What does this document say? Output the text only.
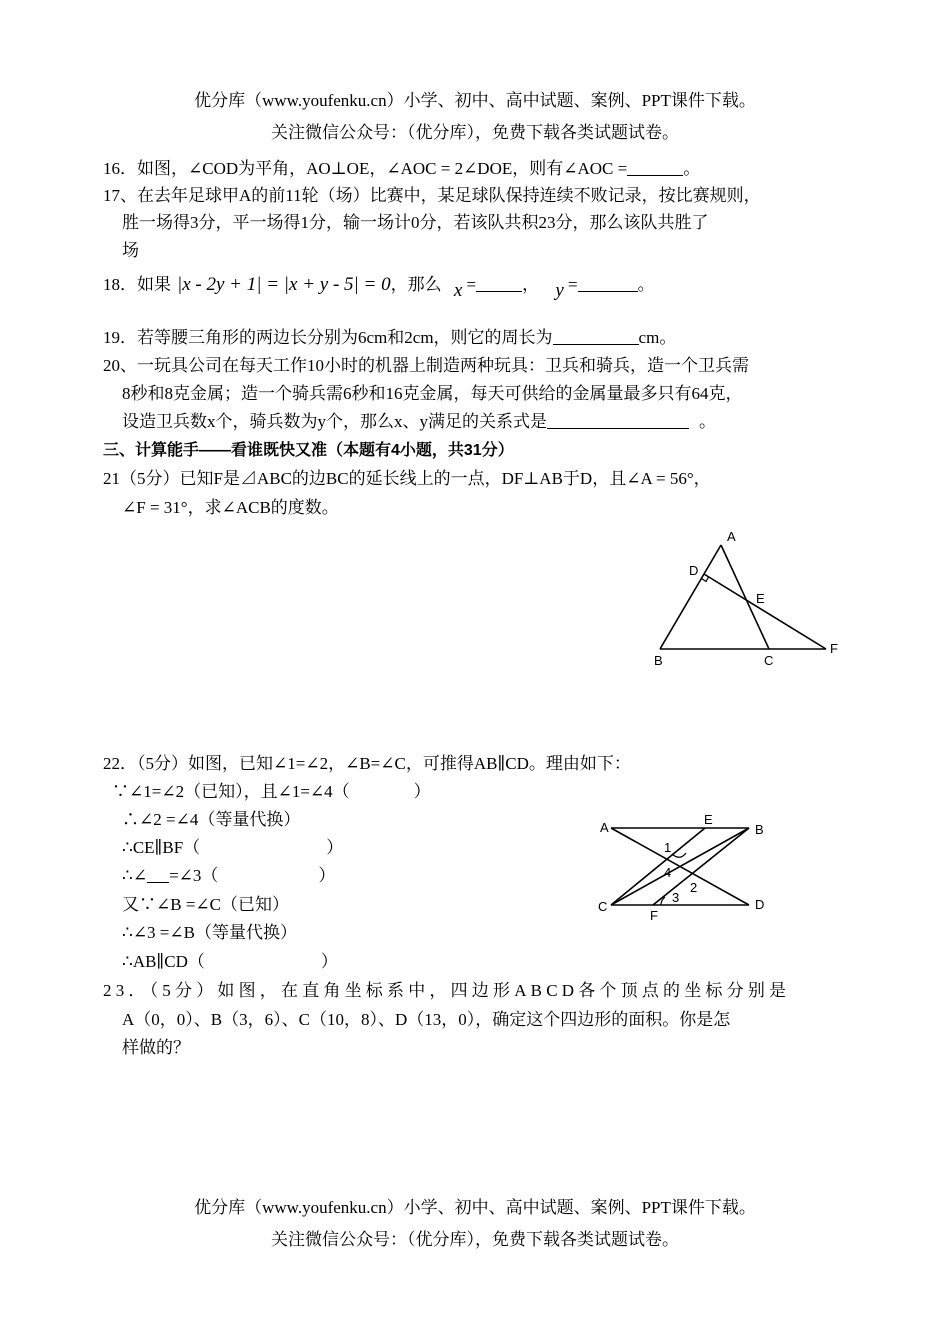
优分库（www.youfenku.cn）小学、初中、高中试题、案例、PPT课件下载。
关注微信公众号：（优分库），免费下载各类试题试卷。
16．如图，∠COD为平角，AO⊥OE，∠AOC = 2∠DOE，则有∠AOC =	。
17、在去年足球甲A的前11轮（场）比赛中，某足球队保持连续不败记录，按比赛规则，
胜一场得3分，平一场得1分，输一场计0分，若该队共积23分，那么该队共胜了
场
18．如果 |x - 2y + 1| = |x + y - 5| = 0，那么 x =	， y =	。
19．若等腰三角形的两边长分别为6cm和2cm，则它的周长为	cm。
20、一玩具公司在每天工作10小时的机器上制造两种玩具：卫兵和骑兵，造一个卫兵需
8秒和8克金属；造一个骑兵需6秒和16克金属，每天可供给的金属量最多只有64克，
设造卫兵数x个，骑兵数为y个，那么x、y满足的关系式是	。
三、计算能手——看谁既快又准（本题有4小题，共31分）
21（5分）已知F是⊿ABC的边BC的延长线上的一点，DF⊥AB于D，且∠A = 56°，
∠F = 31°，求∠ACB的度数。
A
D
E
B	C
F
22．（5分）如图，已知∠1=∠2，∠B=∠C，可推得AB∥CD。理由如下：
∵∠1=∠2（已知），且∠1=∠4（	）
∴∠2 =∠4（等量代换）
∴CE∥BF（	）
∴∠ =∠3（	）
又∵∠B =∠C（已知）
∴∠3 =∠B（等量代换）
∴AB∥CD（	）
A
E
B
C
F
D
1
4
2
3
23．（5分）如图，在直角坐标系中，四边形ABCD各个顶点的坐标分别是
A（0，0）、B（3，6）、C（10，8）、D（13，0），确定这个四边形的面积。你是怎
样做的？
优分库（www.youfenku.cn）小学、初中、高中试题、案例、PPT课件下载。
关注微信公众号：（优分库），免费下载各类试题试卷。
